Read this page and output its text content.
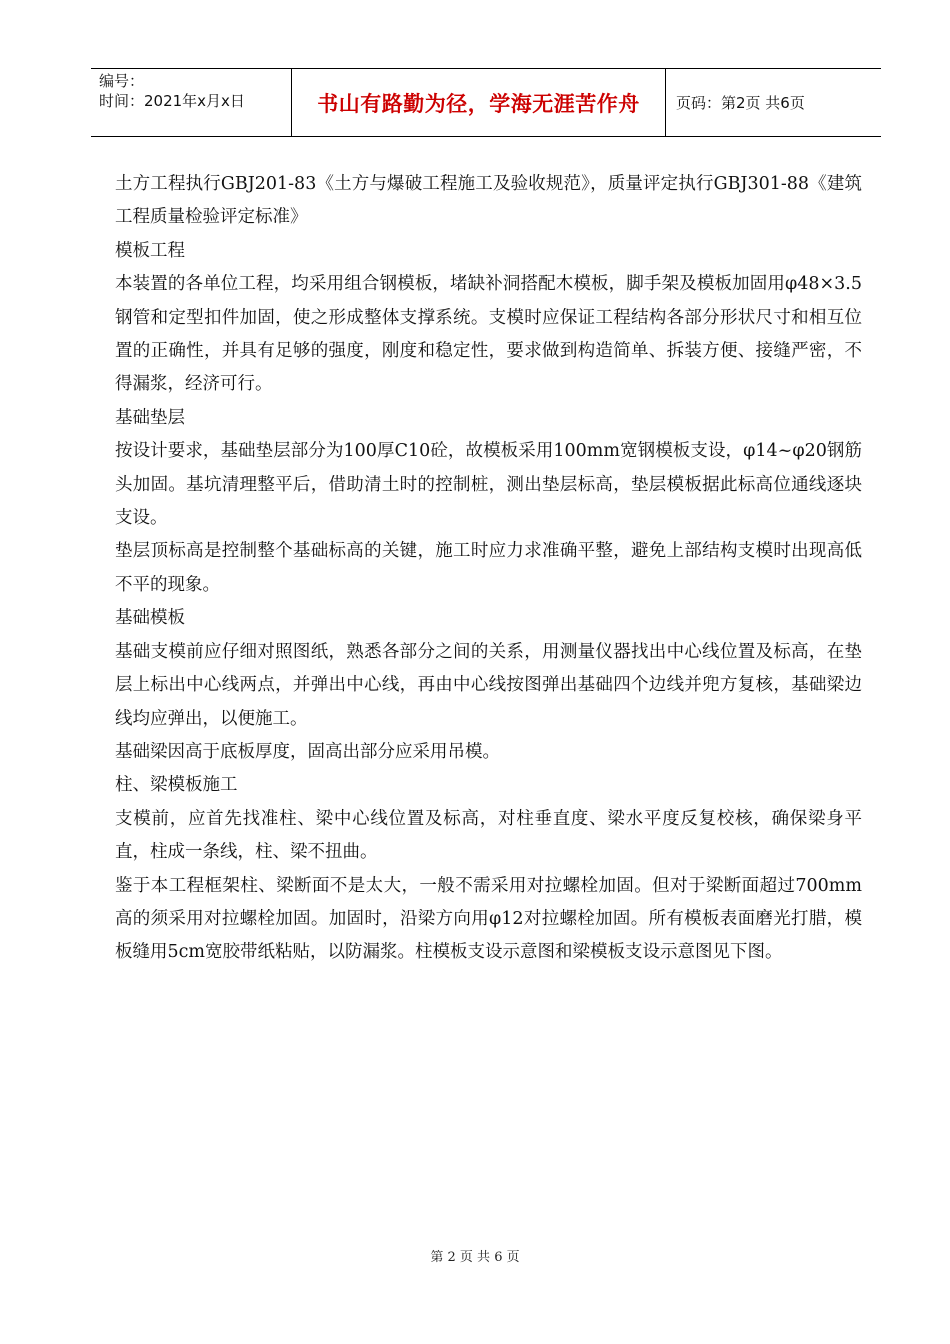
编号：
时间：2021年x月x日	书山有路勤为径，学海无涯苦作舟	页码：第2页 共6页

土方工程执行GBJ201-83《土方与爆破工程施工及验收规范》，质量评定执行GBJ301-88《建筑工程质量检验评定标准》

模板工程

本装置的各单位工程，均采用组合钢模板，堵缺补洞搭配木模板，脚手架及模板加固用φ48×3.5钢管和定型扣件加固，使之形成整体支撑系统。支模时应保证工程结构各部分形状尺寸和相互位置的正确性，并具有足够的强度，刚度和稳定性，要求做到构造简单、拆装方便、接缝严密，不得漏浆，经济可行。

基础垫层

按设计要求，基础垫层部分为100厚C10砼，故模板采用100mm宽钢模板支设，φ14~φ20钢筋头加固。基坑清理整平后，借助清土时的控制桩，测出垫层标高，垫层模板据此标高位通线逐块支设。

垫层顶标高是控制整个基础标高的关键，施工时应力求准确平整，避免上部结构支模时出现高低不平的现象。

基础模板

基础支模前应仔细对照图纸，熟悉各部分之间的关系，用测量仪器找出中心线位置及标高，在垫层上标出中心线两点，并弹出中心线，再由中心线按图弹出基础四个边线并兜方复核，基础梁边线均应弹出，以便施工。

基础梁因高于底板厚度，固高出部分应采用吊模。

柱、梁模板施工

支模前，应首先找准柱、梁中心线位置及标高，对柱垂直度、梁水平度反复校核，确保梁身平直，柱成一条线，柱、梁不扭曲。

鉴于本工程框架柱、梁断面不是太大，一般不需采用对拉螺栓加固。但对于梁断面超过700mm高的须采用对拉螺栓加固。加固时，沿梁方向用φ12对拉螺栓加固。所有模板表面磨光打腊，模板缝用5cm宽胶带纸粘贴，以防漏浆。柱模板支设示意图和梁模板支设示意图见下图。

第 2 页 共 6 页
